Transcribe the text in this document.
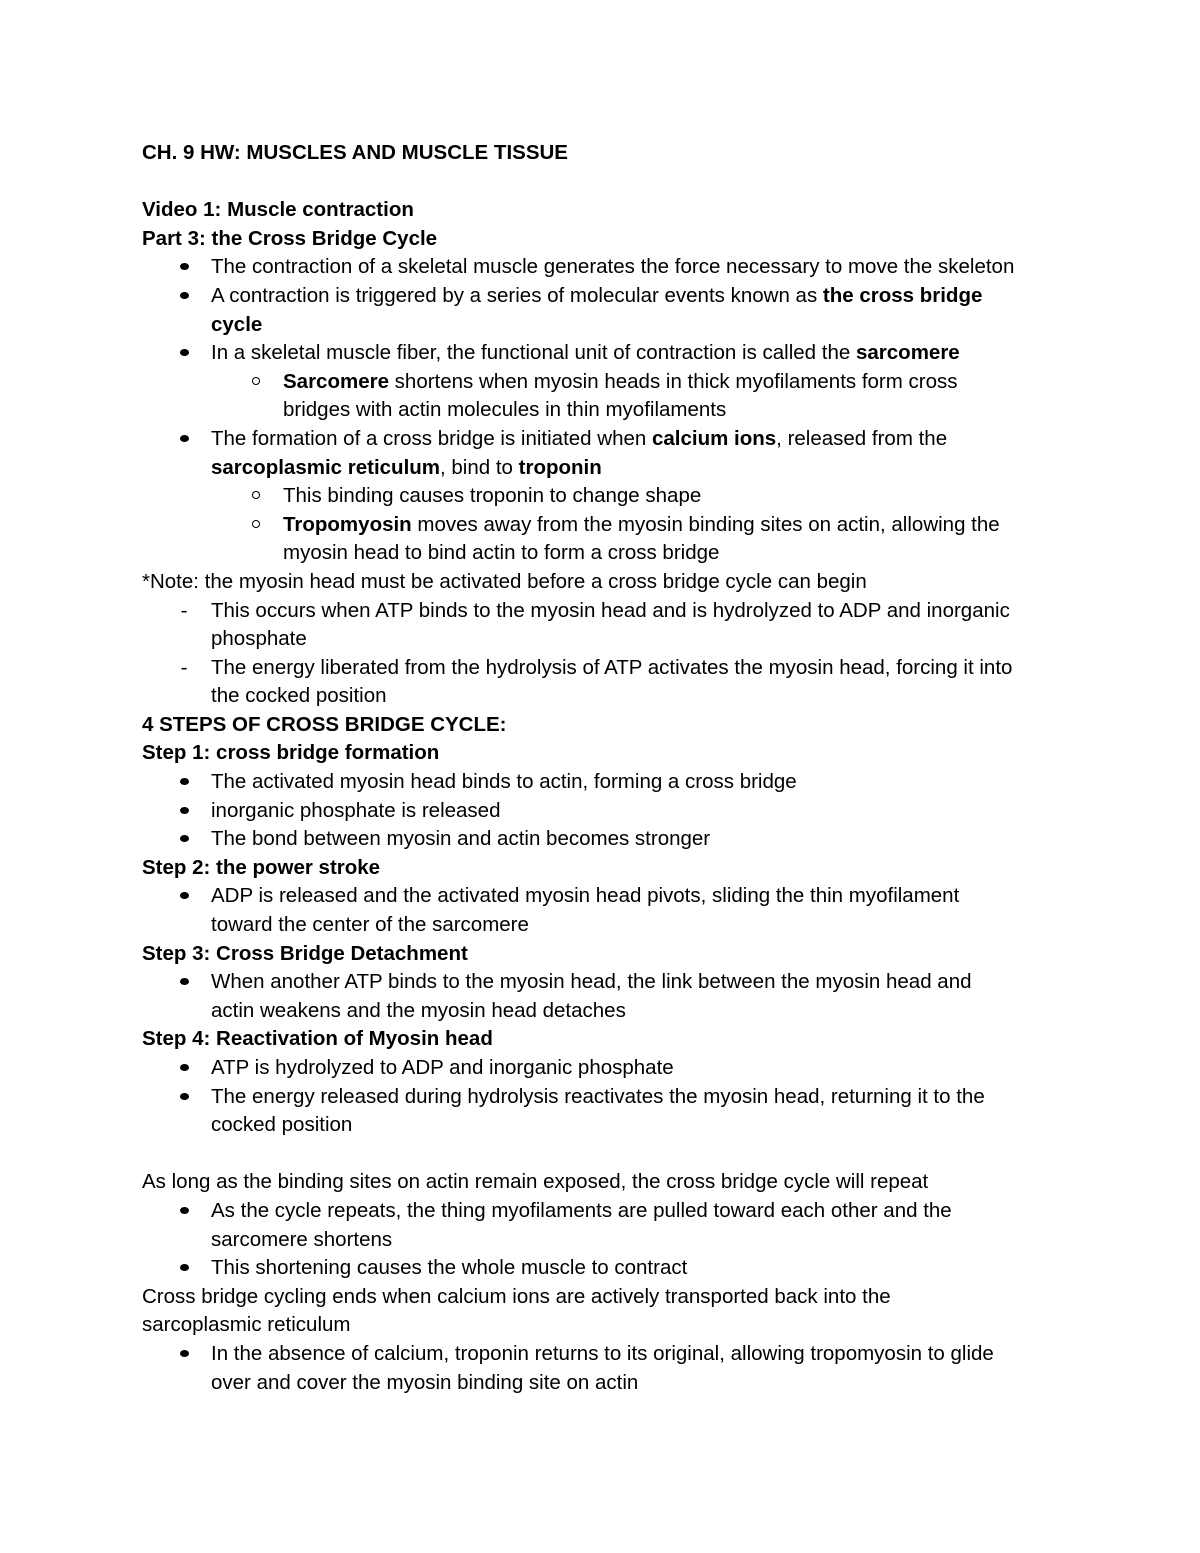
CH. 9 HW: MUSCLES AND MUSCLE TISSUE
Video 1: Muscle contraction
Part 3: the Cross Bridge Cycle
The contraction of a skeletal muscle generates the force necessary to move the skeleton
A contraction is triggered by a series of molecular events known as the cross bridge
cycle
In a skeletal muscle fiber, the functional unit of contraction is called the sarcomere
Sarcomere shortens when myosin heads in thick myofilaments form cross
bridges with actin molecules in thin myofilaments
The formation of a cross bridge is initiated when calcium ions, released from the
sarcoplasmic reticulum, bind to troponin
This binding causes troponin to change shape
Tropomyosin moves away from the myosin binding sites on actin, allowing the
myosin head to bind actin to form a cross bridge
*Note: the myosin head must be activated before a cross bridge cycle can begin
-
This occurs when ATP binds to the myosin head and is hydrolyzed to ADP and inorganic
phosphate
-
The energy liberated from the hydrolysis of ATP activates the myosin head, forcing it into
the cocked position
4 STEPS OF CROSS BRIDGE CYCLE:
Step 1: cross bridge formation
The activated myosin head binds to actin, forming a cross bridge
inorganic phosphate is released
The bond between myosin and actin becomes stronger
Step 2: the power stroke
ADP is released and the activated myosin head pivots, sliding the thin myofilament
toward the center of the sarcomere
Step 3: Cross Bridge Detachment
When another ATP binds to the myosin head, the link between the myosin head and
actin weakens and the myosin head detaches
Step 4: Reactivation of Myosin head
ATP is hydrolyzed to ADP and inorganic phosphate
The energy released during hydrolysis reactivates the myosin head, returning it to the
cocked position
As long as the binding sites on actin remain exposed, the cross bridge cycle will repeat
As the cycle repeats, the thing myofilaments are pulled toward each other and the
sarcomere shortens
This shortening causes the whole muscle to contract
Cross bridge cycling ends when calcium ions are actively transported back into the
sarcoplasmic reticulum
In the absence of calcium, troponin returns to its original, allowing tropomyosin to glide
over and cover the myosin binding site on actin
